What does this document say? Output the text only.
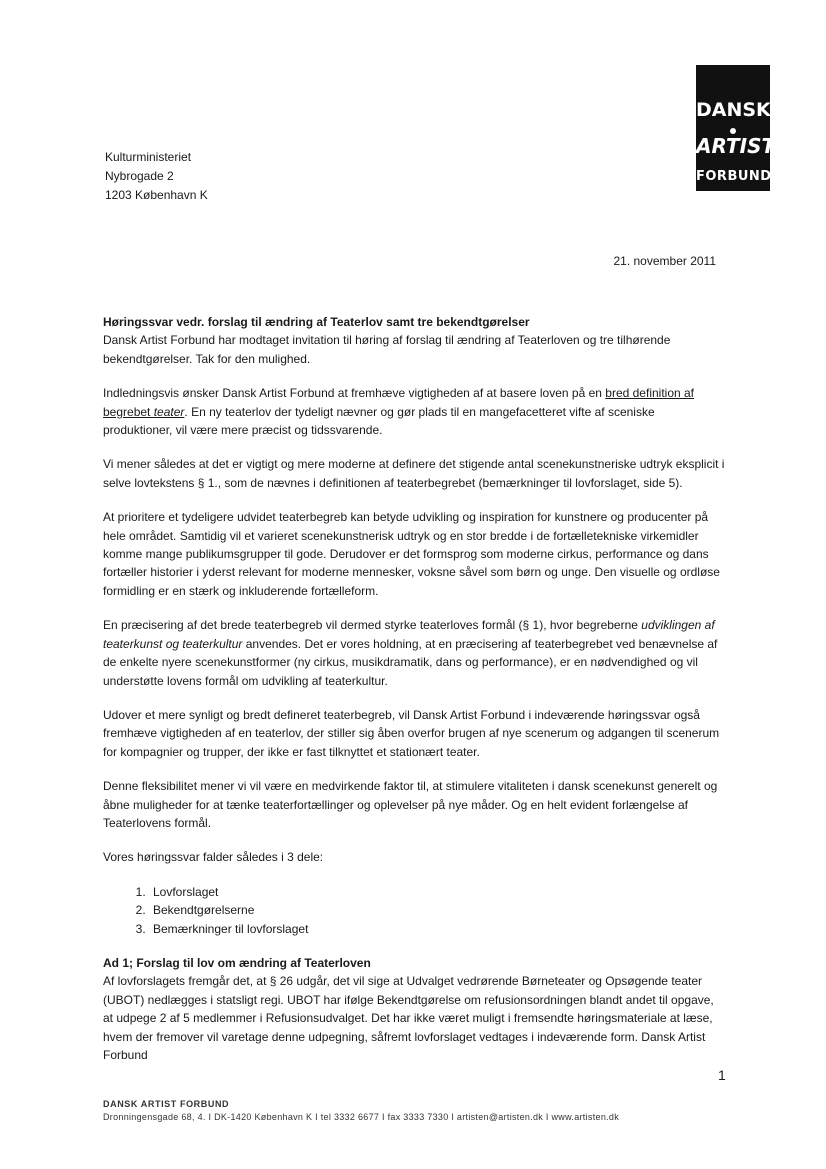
DANSK
ARTIST
FORBUND
Kulturministeriet
Nybrogade 2
1203 København K
21. november 2011
Høringssvar vedr. forslag til ændring af Teaterlov samt tre bekendtgørelser

Dansk Artist Forbund har modtaget invitation til høring af forslag til ændring af Teaterloven og tre tilhørende bekendtgørelser. Tak for den mulighed.

Indledningsvis ønsker Dansk Artist Forbund at fremhæve vigtigheden af at basere loven på en bred definition af begrebet teater. En ny teaterlov der tydeligt nævner og gør plads til en mangefacetteret vifte af sceniske produktioner, vil være mere præcist og tidssvarende.

Vi mener således at det er vigtigt og mere moderne at definere det stigende antal scenekunstneriske udtryk eksplicit i selve lovtekstens § 1., som de nævnes i definitionen af teaterbegrebet (bemærkninger til lovforslaget, side 5).

At prioritere et tydeligere udvidet teaterbegreb kan betyde udvikling og inspiration for kunstnere og producenter på hele området. Samtidig vil et varieret scenekunstnerisk udtryk og en stor bredde i de fortælletekniske virkemidler komme mange publikumsgrupper til gode. Derudover er det formsprog som moderne cirkus, performance og dans fortæller historier i yderst relevant for moderne mennesker, voksne såvel som børn og unge. Den visuelle og ordløse formidling er en stærk og inkluderende fortælleform.

En præcisering af det brede teaterbegreb vil dermed styrke teaterloves formål (§ 1), hvor begreberne udviklingen af teaterkunst og teaterkultur anvendes. Det er vores holdning, at en præcisering af teaterbegrebet ved benævnelse af de enkelte nyere scenekunstformer (ny cirkus, musikdramatik, dans og performance), er en nødvendighed og vil understøtte lovens formål om udvikling af teaterkultur.

Udover et mere synligt og bredt defineret teaterbegreb, vil Dansk Artist Forbund i indeværende høringssvar også fremhæve vigtigheden af en teaterlov, der stiller sig åben overfor brugen af nye scenerum og adgangen til scenerum for kompagnier og trupper, der ikke er fast tilknyttet et stationært teater.

Denne fleksibilitet mener vi vil være en medvirkende faktor til, at stimulere vitaliteten i dansk scenekunst generelt og åbne muligheder for at tænke teaterfortællinger og oplevelser på nye måder. Og en helt evident forlængelse af Teaterlovens formål.

Vores høringssvar falder således i 3 dele:

1. Lovforslaget
2. Bekendtgørelserne
3. Bemærkninger til lovforslaget
Ad 1; Forslag til lov om ændring af Teaterloven

Af lovforslagets fremgår det, at § 26 udgår, det vil sige at Udvalget vedrørende Børneteater og Opsøgende teater (UBOT) nedlægges i statsligt regi. UBOT har ifølge Bekendtgørelse om refusionsordningen blandt andet til opgave, at udpege 2 af 5 medlemmer i Refusionsudvalget. Det har ikke været muligt i fremsendte høringsmateriale at læse, hvem der fremover vil varetage denne udpegning, såfremt lovforslaget vedtages i indeværende form. Dansk Artist Forbund

1
DANSK ARTIST FORBUND
Dronningensgade 68, 4. I DK-1420 København K I tel 3332 6677 I fax 3333 7330 I artisten@artisten.dk I www.artisten.dk
